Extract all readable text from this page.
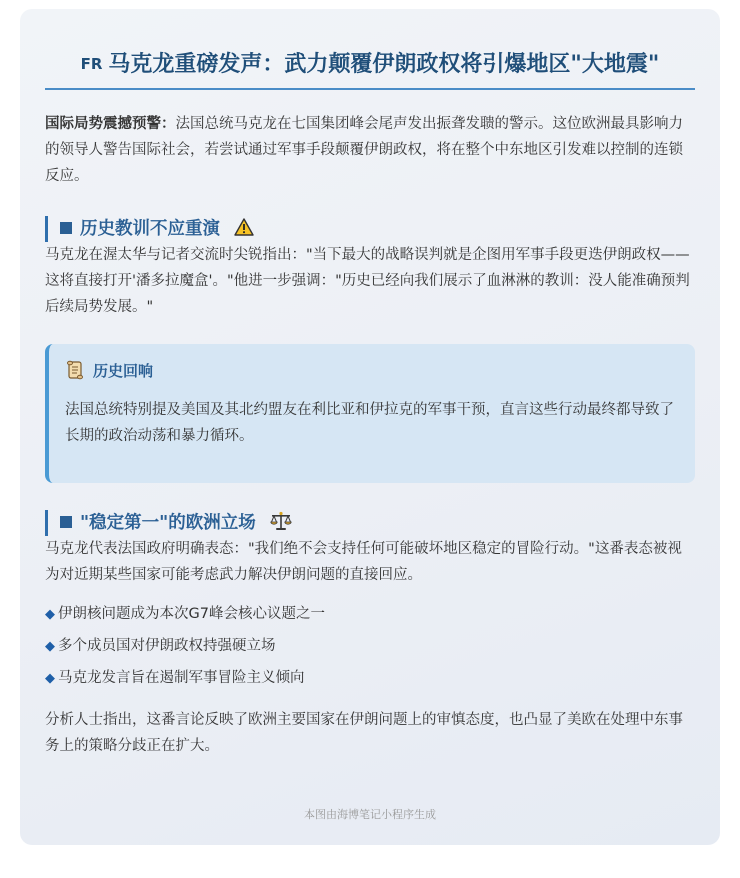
FR 马克龙重磅发声：武力颠覆伊朗政权将引爆地区"大地震"

国际局势震撼预警：法国总统马克龙在七国集团峰会尾声发出振聋发聩的警示。这位欧洲最具影响力的领导人警告国际社会，若尝试通过军事手段颠覆伊朗政权，将在整个中东地区引发难以控制的连锁反应。

历史教训不应重演

马克龙在渥太华与记者交流时尖锐指出："当下最大的战略误判就是企图用军事手段更迭伊朗政权——这将直接打开'潘多拉魔盒'。"他进一步强调："历史已经向我们展示了血淋淋的教训：没人能准确预判后续局势发展。"

历史回响

法国总统特别提及美国及其北约盟友在利比亚和伊拉克的军事干预，直言这些行动最终都导致了长期的政治动荡和暴力循环。

"稳定第一"的欧洲立场

马克龙代表法国政府明确表态："我们绝不会支持任何可能破坏地区稳定的冒险行动。"这番表态被视为对近期某些国家可能考虑武力解决伊朗问题的直接回应。

◆ 伊朗核问题成为本次G7峰会核心议题之一
◆ 多个成员国对伊朗政权持强硬立场
◆ 马克龙发言旨在遏制军事冒险主义倾向

分析人士指出，这番言论反映了欧洲主要国家在伊朗问题上的审慎态度，也凸显了美欧在处理中东事务上的策略分歧正在扩大。

本图由海博笔记小程序生成
